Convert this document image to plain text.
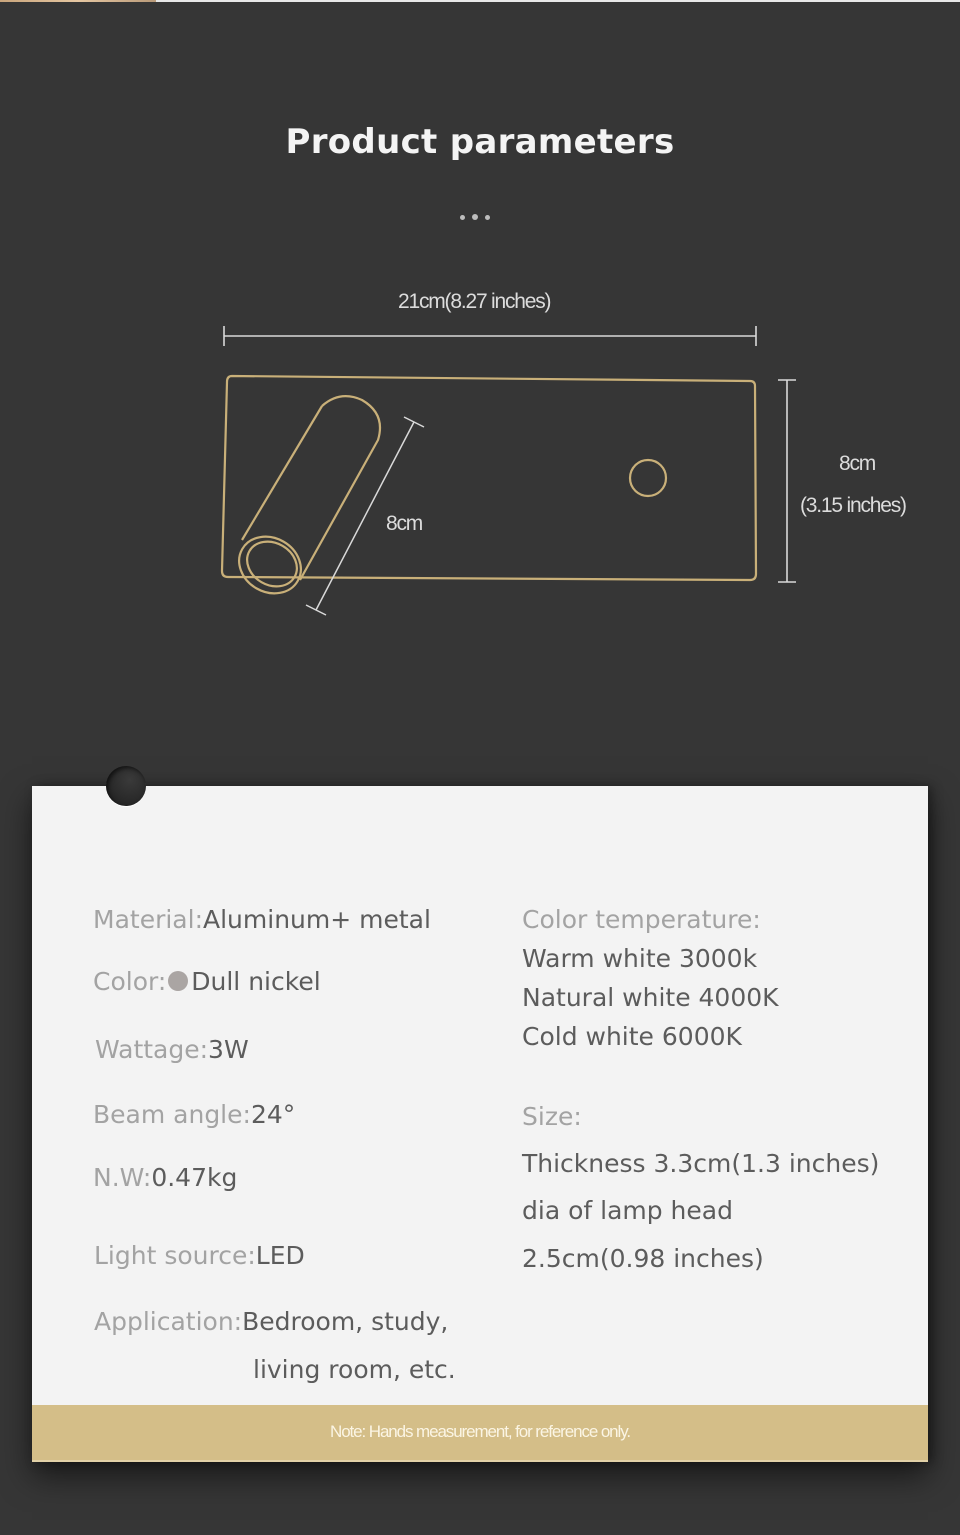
Product parameters
21cm(8.27 inches)
8cm
8cm
(3.15 inches)
Material:Aluminum+ metal
Color: Dull nickel
Wattage:3W
Beam angle:24°
N.W:0.47kg
Light source:LED
Application:Bedroom, study,
living room, etc.
Color temperature:
Warm white 3000k
Natural white 4000K
Cold white 6000K
Size:
Thickness 3.3cm(1.3 inches)
dia of lamp head
2.5cm(0.98 inches)
Note: Hands measurement, for reference only.
